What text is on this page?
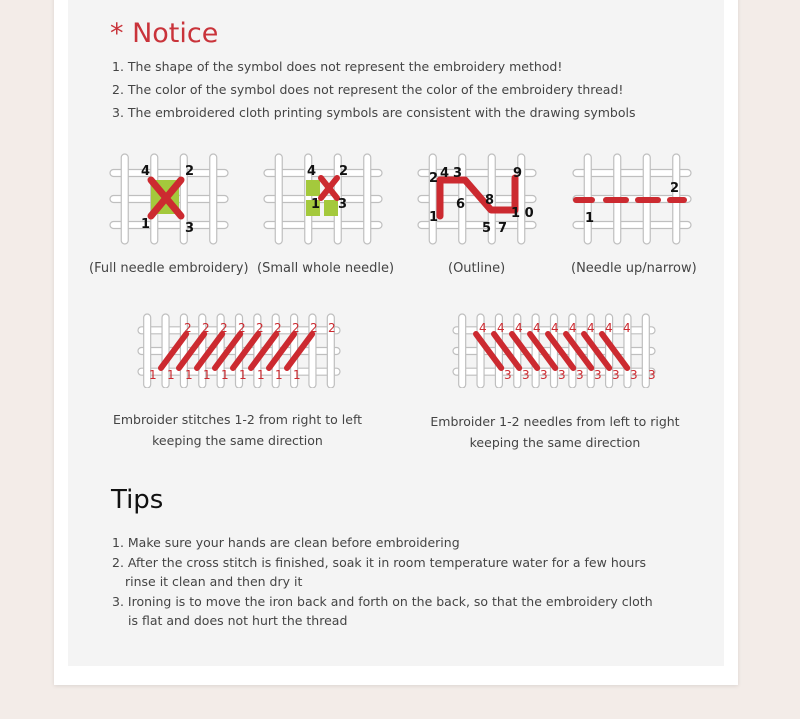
* Notice
1. The shape of the symbol does not represent the embroidery method!
2. The color of the symbol does not represent the color of the embroidery thread!
3. The embroidered cloth printing symbols are consistent with the drawing symbols
4	2
1	3
(Full needle embroidery)
4 2
1 3
(Small whole needle)
2 4 3	9
6 8
1	1 0
5 7
(Outline)
2
1
(Needle up/narrow)
2
1
2
1
2
1
2
1
2
1
2
1
2
1
2
1
2
1
Embroider stitches 1-2 from right to left
keeping the same direction
4
3
4
3
4
3
4
3
4
3
4
3
4
3
4
3
4
3
Embroider 1-2 needles from left to right
keeping the same direction
Tips
1. Make sure your hands are clean before embroidering
2. After the cross stitch is finished, soak it in room temperature water for a few hours
rinse it clean and then dry it
3. Ironing is to move the iron back and forth on the back, so that the embroidery cloth
is flat and does not hurt the thread
